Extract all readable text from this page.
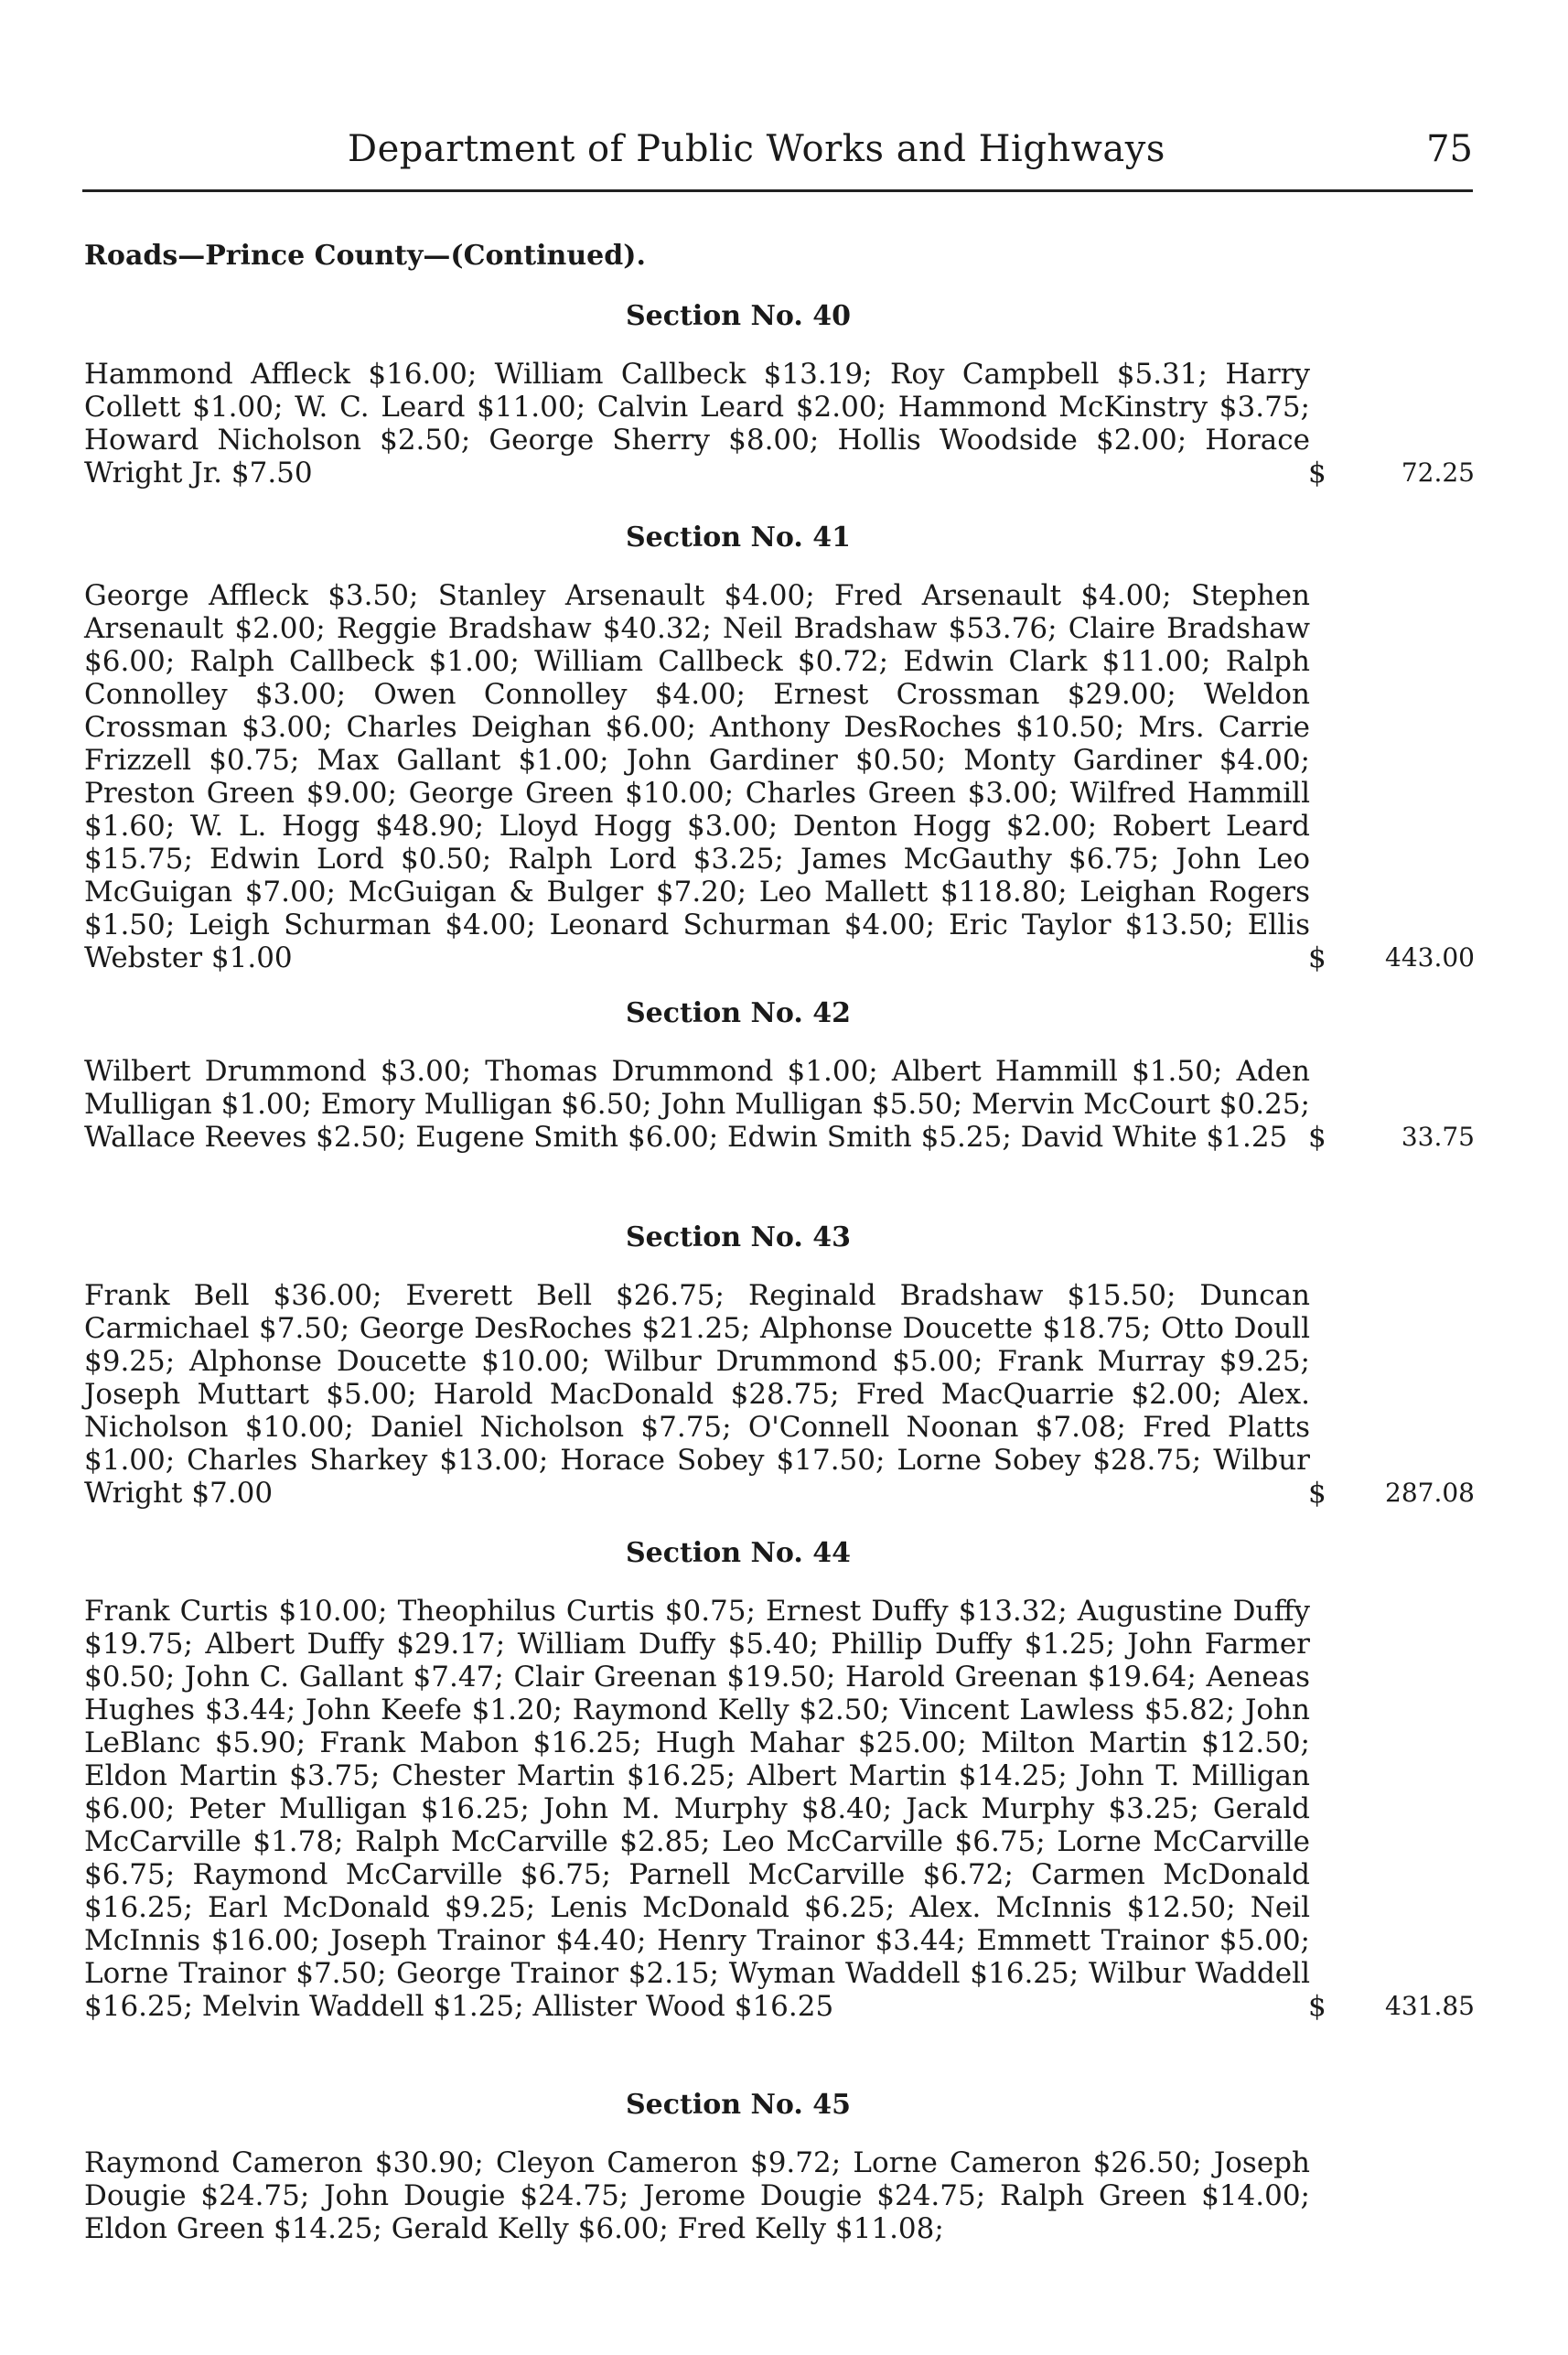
Department of Public Works and Highways	75
Roads—Prince County—(Continued).
Section No. 40
Hammond Affleck $16.00; William Callbeck $13.19; Roy Campbell $5.31; Harry Collett $1.00; W. C. Leard $11.00; Calvin Leard $2.00; Hammond McKinstry $3.75; Howard Nicholson $2.50; George Sherry $8.00; Hollis Woodside $2.00; Horace Wright Jr. $7.50	$	72.25
Section No. 41
George Affleck $3.50; Stanley Arsenault $4.00; Fred Arsenault $4.00; Stephen Arsenault $2.00; Reggie Bradshaw $40.32; Neil Bradshaw $53.76; Claire Bradshaw $6.00; Ralph Callbeck $1.00; William Callbeck $0.72; Edwin Clark $11.00; Ralph Connolley $3.00; Owen Connolley $4.00; Ernest Crossman $29.00; Weldon Crossman $3.00; Charles Deighan $6.00; Anthony DesRoches $10.50; Mrs. Carrie Frizzell $0.75; Max Gallant $1.00; John Gardiner $0.50; Monty Gardiner $4.00; Preston Green $9.00; George Green $10.00; Charles Green $3.00; Wilfred Hammill $1.60; W. L. Hogg $48.90; Lloyd Hogg $3.00; Denton Hogg $2.00; Robert Leard $15.75; Edwin Lord $0.50; Ralph Lord $3.25; James McGauthy $6.75; John Leo McGuigan $7.00; McGuigan & Bulger $7.20; Leo Mallett $118.80; Leighan Rogers $1.50; Leigh Schurman $4.00; Leonard Schurman $4.00; Eric Taylor $13.50; Ellis Webster $1.00	$ 443.00
Section No. 42
Wilbert Drummond $3.00; Thomas Drummond $1.00; Albert Hammill $1.50; Aden Mulligan $1.00; Emory Mulligan $6.50; John Mulligan $5.50; Mervin McCourt $0.25; Wallace Reeves $2.50; Eugene Smith $6.00; Edwin Smith $5.25; David White $1.25 $	33.75
Section No. 43
Frank Bell $36.00; Everett Bell $26.75; Reginald Bradshaw $15.50; Duncan Carmichael $7.50; George DesRoches $21.25; Alphonse Doucette $18.75; Otto Doull $9.25; Alphonse Doucette $10.00; Wilbur Drummond $5.00; Frank Murray $9.25; Joseph Muttart $5.00; Harold MacDonald $28.75; Fred MacQuarrie $2.00; Alex. Nicholson $10.00; Daniel Nicholson $7.75; O'Connell Noonan $7.08; Fred Platts $1.00; Charles Sharkey $13.00; Horace Sobey $17.50; Lorne Sobey $28.75; Wilbur Wright $7.00	$ 287.08
Section No. 44
Frank Curtis $10.00; Theophilus Curtis $0.75; Ernest Duffy $13.32; Augustine Duffy $19.75; Albert Duffy $29.17; William Duffy $5.40; Phillip Duffy $1.25; John Farmer $0.50; John C. Gallant $7.47; Clair Greenan $19.50; Harold Greenan $19.64; Aeneas Hughes $3.44; John Keefe $1.20; Raymond Kelly $2.50; Vincent Lawless $5.82; John LeBlanc $5.90; Frank Mabon $16.25; Hugh Mahar $25.00; Milton Martin $12.50; Eldon Martin $3.75; Chester Martin $16.25; Albert Martin $14.25; John T. Milligan $6.00; Peter Mulligan $16.25; John M. Murphy $8.40; Jack Murphy $3.25; Gerald McCarville $1.78; Ralph McCarville $2.85; Leo McCarville $6.75; Lorne McCarville $6.75; Raymond McCarville $6.75; Parnell McCarville $6.72; Carmen McDonald $16.25; Earl McDonald $9.25; Lenis McDonald $6.25; Alex. McInnis $12.50; Neil McInnis $16.00; Joseph Trainor $4.40; Henry Trainor $3.44; Emmett Trainor $5.00; Lorne Trainor $7.50; George Trainor $2.15; Wyman Waddell $16.25; Wilbur Waddell $16.25; Melvin Waddell $1.25; Allister Wood $16.25	$ 431.85
Section No. 45
Raymond Cameron $30.90; Cleyon Cameron $9.72; Lorne Cameron $26.50; Joseph Dougie $24.75; John Dougie $24.75; Jerome Dougie $24.75; Ralph Green $14.00; Eldon Green $14.25; Gerald Kelly $6.00; Fred Kelly $11.08;
